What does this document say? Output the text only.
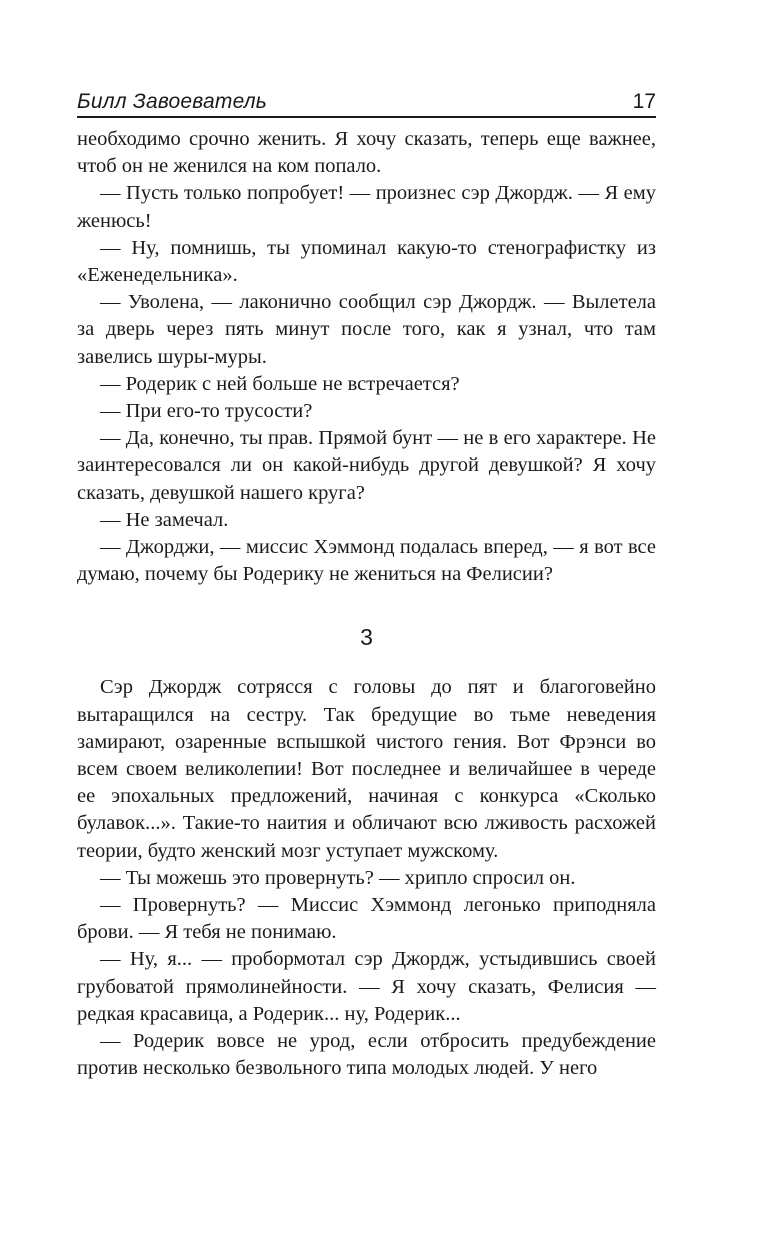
Билл Завоеватель	17

необходимо срочно женить. Я хочу сказать, теперь еще важнее, чтоб он не женился на ком попало.

— Пусть только попробует! — произнес сэр Джордж. — Я ему женюсь!

— Ну, помнишь, ты упоминал какую-то стенографистку из «Еженедельника».

— Уволена, — лаконично сообщил сэр Джордж. — Вылетела за дверь через пять минут после того, как я узнал, что там завелись шуры-муры.

— Родерик с ней больше не встречается?

— При его-то трусости?

— Да, конечно, ты прав. Прямой бунт — не в его характере. Не заинтересовался ли он какой-нибудь другой девушкой? Я хочу сказать, девушкой нашего круга?

— Не замечал.

— Джорджи, — миссис Хэммонд подалась вперед, — я вот все думаю, почему бы Родерику не жениться на Фелисии?

3

Сэр Джордж сотрясся с головы до пят и благоговейно вытаращился на сестру. Так бредущие во тьме неведения замирают, озаренные вспышкой чистого гения. Вот Фрэнси во всем своем великолепии! Вот последнее и величайшее в череде ее эпохальных предложений, начиная с конкурса «Сколько булавок...». Такие-то наития и обличают всю лживость расхожей теории, будто женский мозг уступает мужскому.

— Ты можешь это провернуть? — хрипло спросил он.

— Провернуть? — Миссис Хэммонд легонько приподняла брови. — Я тебя не понимаю.

— Ну, я... — пробормотал сэр Джордж, устыдившись своей грубоватой прямолинейности. — Я хочу сказать, Фелисия — редкая красавица, а Родерик... ну, Родерик...

— Родерик вовсе не урод, если отбросить предубеждение против несколько безвольного типа молодых людей. У него
